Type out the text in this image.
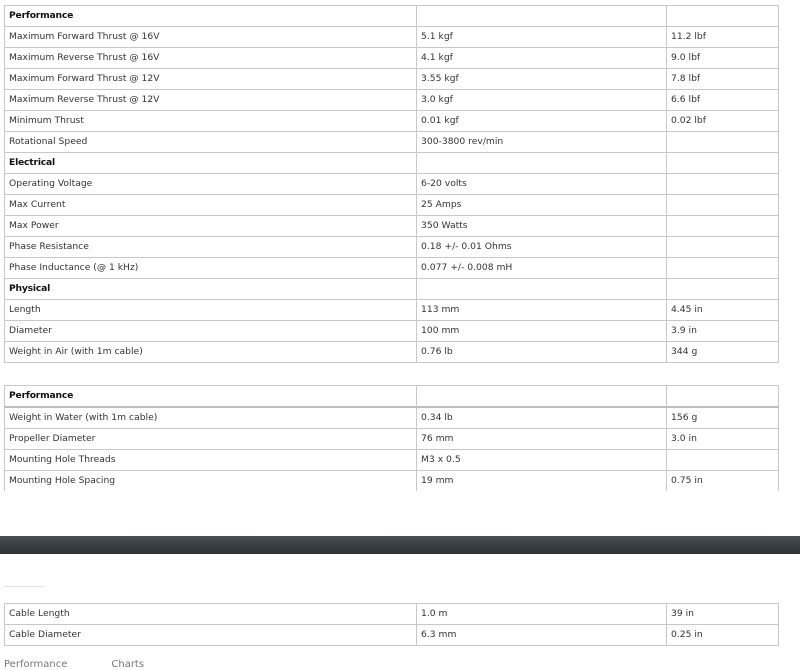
Performance		
Maximum Forward Thrust @ 16V	5.1 kgf	11.2 lbf
Maximum Reverse Thrust @ 16V	4.1 kgf	9.0 lbf
Maximum Forward Thrust @ 12V	3.55 kgf	7.8 lbf
Maximum Reverse Thrust @ 12V	3.0 kgf	6.6 lbf
Minimum Thrust	0.01 kgf	0.02 lbf
Rotational Speed	300-3800 rev/min	
Electrical		
Operating Voltage	6-20 volts	
Max Current	25 Amps	
Max Power	350 Watts	
Phase Resistance	0.18 +/- 0.01 Ohms	
Phase Inductance (@ 1 kHz)	0.077 +/- 0.008 mH	
Physical		
Length	113 mm	4.45 in
Diameter	100 mm	3.9 in
Weight in Air (with 1m cable)	0.76 lb	344 g
Performance		
Weight in Water (with 1m cable)	0.34 lb	156 g
Propeller Diameter	76 mm	3.0 in
Mounting Hole Threads	M3 x 0.5	
Mounting Hole Spacing	19 mm	0.75 in
Cable Length	1.0 m	39 in
Cable Diameter	6.3 mm	0.25 in
Performance	Charts
